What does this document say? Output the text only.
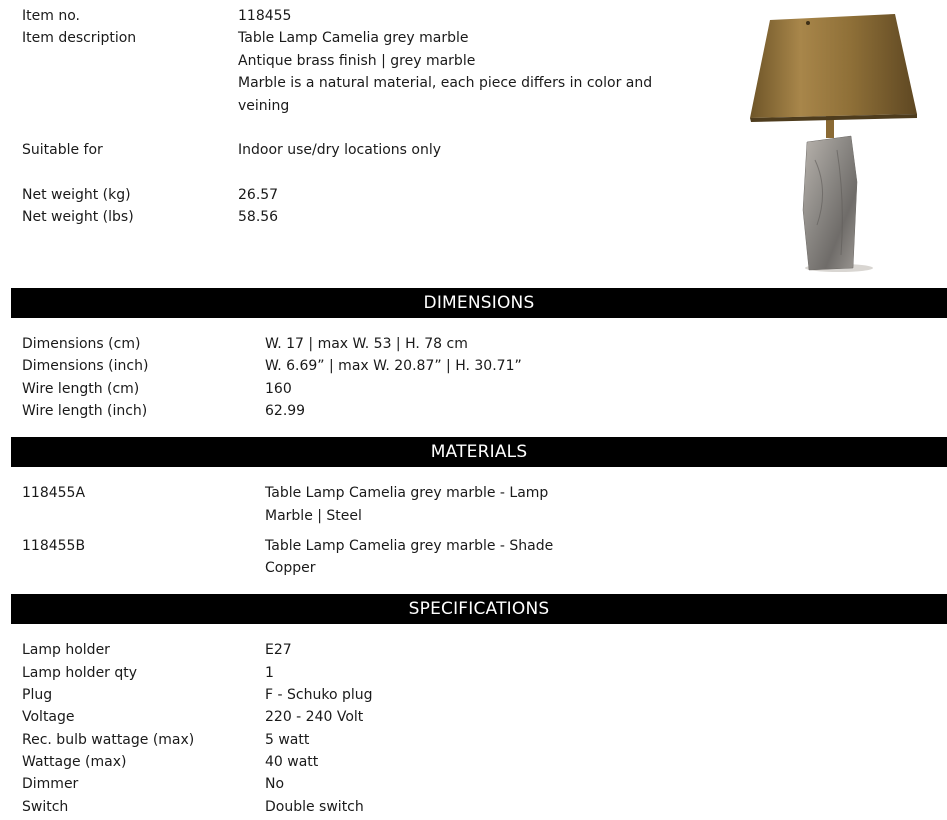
Item no.	118455
Item description	Table Lamp Camelia grey marble
Antique brass finish | grey marble
Marble is a natural material, each piece differs in color and
veining
Suitable for	Indoor use/dry locations only
Net weight (kg)	26.57
Net weight (lbs)	58.56
DIMENSIONS
Dimensions (cm)	W. 17 | max W. 53 | H. 78 cm
Dimensions (inch)	W. 6.69” | max W. 20.87” | H. 30.71”
Wire length (cm)	160
Wire length (inch)	62.99
MATERIALS
118455A	Table Lamp Camelia grey marble - Lamp
Marble | Steel
118455B	Table Lamp Camelia grey marble - Shade
Copper
SPECIFICATIONS
Lamp holder	E27
Lamp holder qty	1
Plug	F - Schuko plug
Voltage	220 - 240 Volt
Rec. bulb wattage (max)	5 watt
Wattage (max)	40 watt
Dimmer	No
Switch	Double switch
